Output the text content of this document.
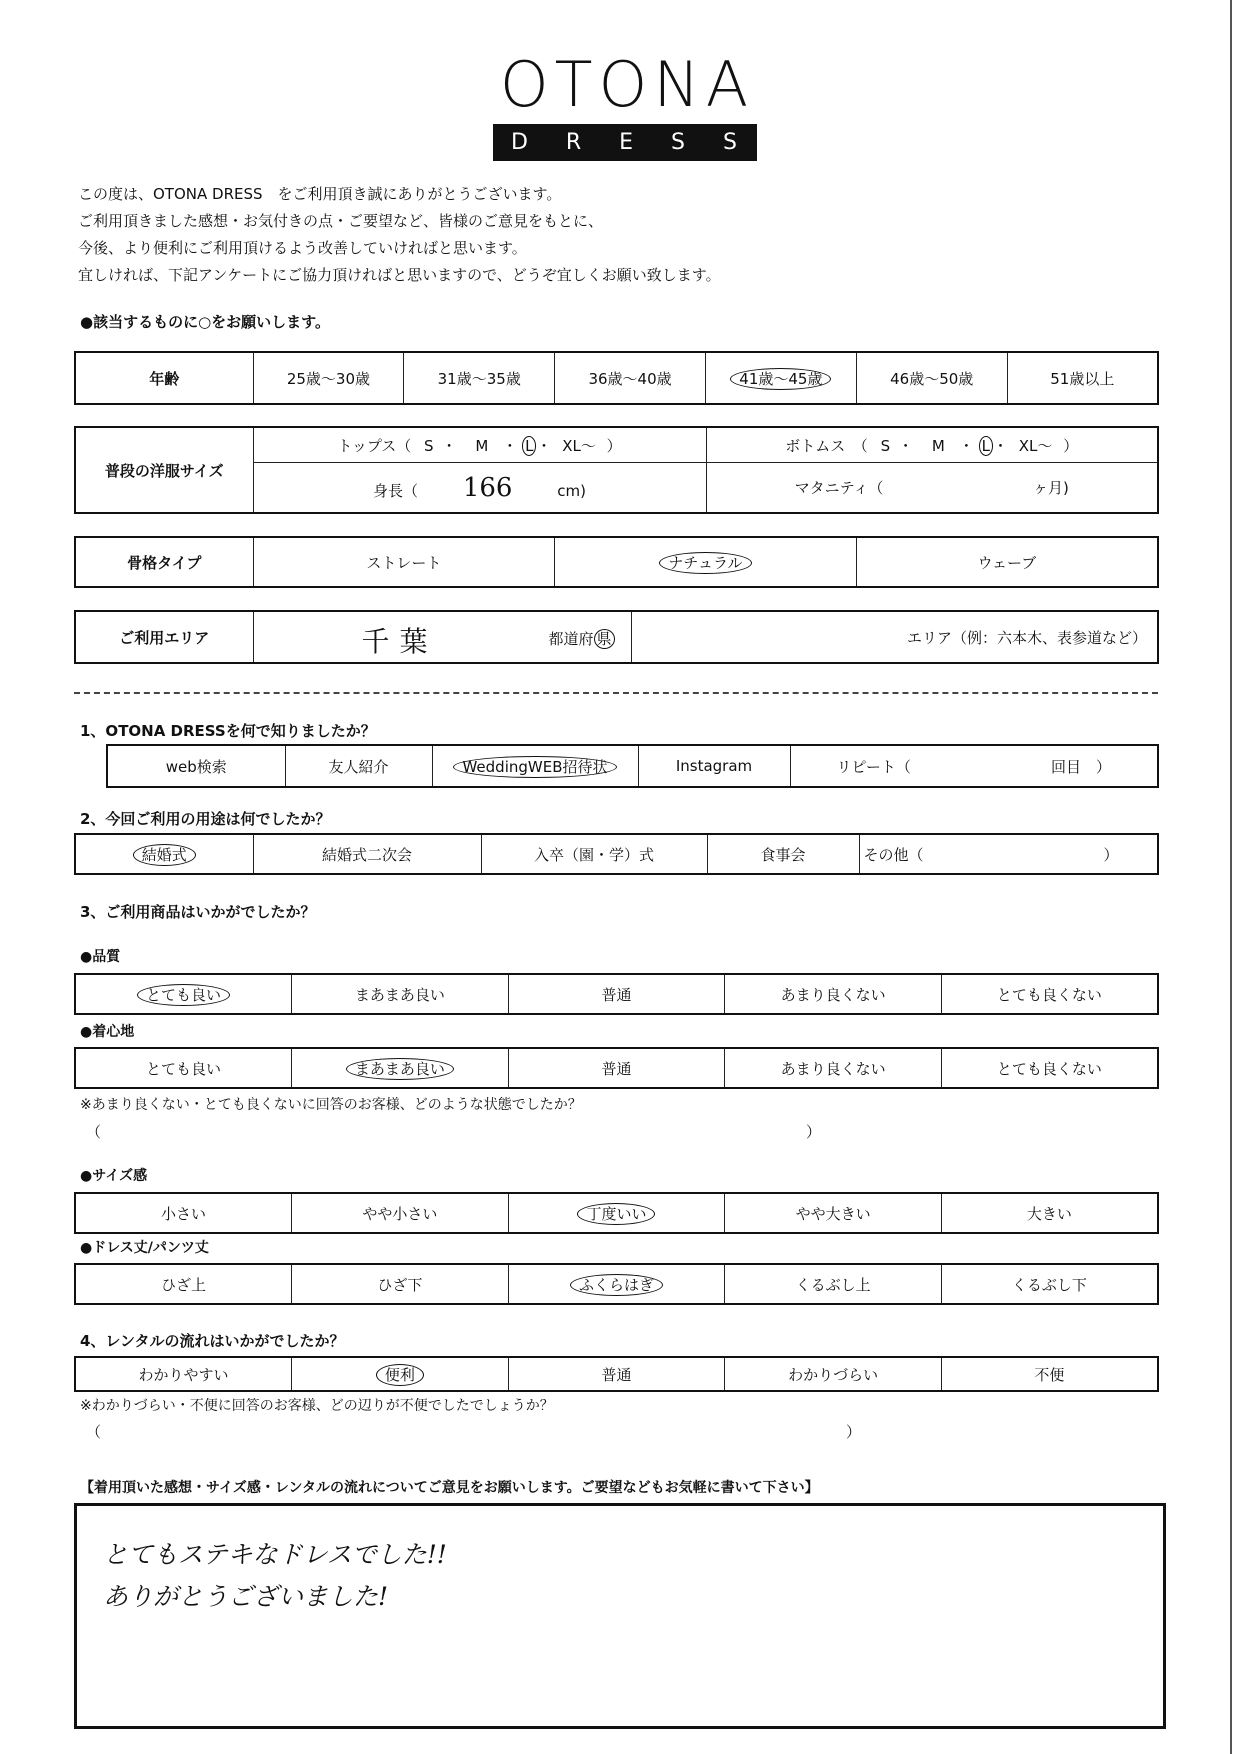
OTONA
D R E S S
この度は、OTONA DRESS　をご利用頂き誠にありがとうございます。
ご利用頂きました感想・お気付きの点・ご要望など、皆様のご意見をもとに、
今後、より便利にご利用頂けるよう改善していければと思います。
宜しければ、下記アンケートにご協力頂ければと思いますので、どうぞ宜しくお願い致します。
●該当するものに○をお願いします。
年齢	25歳～30歳	31歳～35歳	36歳～40歳	41歳～45歳	46歳～50歳	51歳以上
普段の洋服サイズ	トップス（ S ・ M ・ L ・ XL～ ）	ボトムス　（ S ・ M ・ L ・ XL～ ）
	身長（ 166 cm)	マタニティ（ ヶ月)
骨格タイプ	ストレート	ナチュラル	ウェーブ
ご利用エリア	千葉	都道府 県	エリア（例：六本木、表参道など）
1、OTONA DRESSを何で知りましたか？
web検索	友人紹介	WeddingWEB招待状	Instagram	リピート（	回目　）
2、今回ご利用の用途は何でしたか？
結婚式	結婚式二次会	入卒（園・学）式	食事会	その他（	）
3、ご利用商品はいかがでしたか？
●品質
とても良い	まあまあ良い	普通	あまり良くない	とても良くない
●着心地
とても良い	まあまあ良い	普通	あまり良くない	とても良くない
※あまり良くない・とても良くないに回答のお客様、どのような状態でしたか？
（	）
●サイズ感
小さい	やや小さい	丁度いい	やや大きい	大きい
●ドレス丈/パンツ丈
ひざ上	ひざ下	ふくらはぎ	くるぶし上	くるぶし下
4、レンタルの流れはいかがでしたか？
わかりやすい	便利	普通	わかりづらい	不便
※わかりづらい・不便に回答のお客様、どの辺りが不便でしたでしょうか？
（	）
【着用頂いた感想・サイズ感・レンタルの流れについてご意見をお願いします。ご要望などもお気軽に書いて下さい】
とてもステキなドレスでした!!
ありがとうございました!
